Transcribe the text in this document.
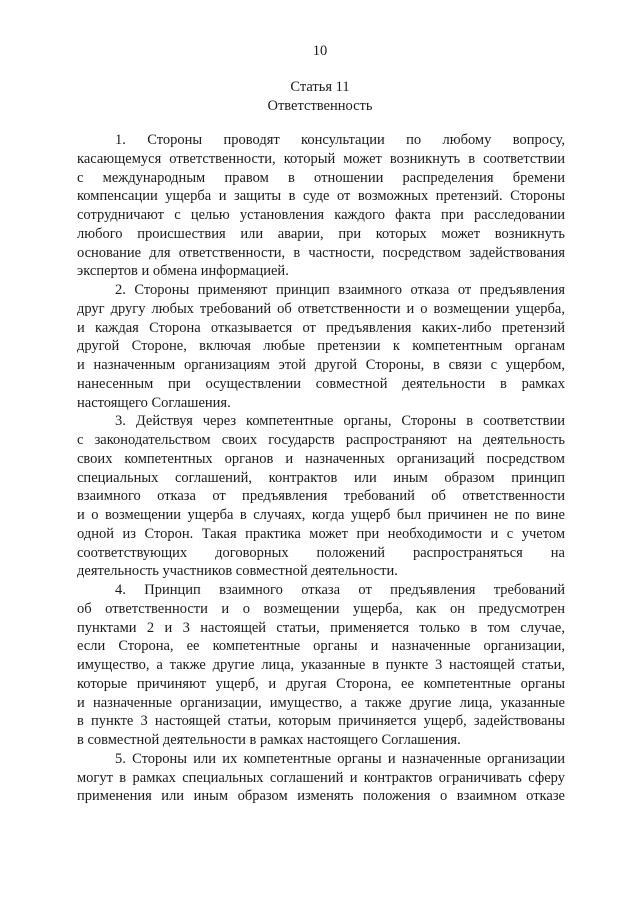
10
Статья 11
Ответственность
1. Стороны проводят консультации по любому вопросу,
касающемуся ответственности, который может возникнуть в соответствии
с международным правом в отношении распределения бремени
компенсации ущерба и защиты в суде от возможных претензий. Стороны
сотрудничают с целью установления каждого факта при расследовании
любого происшествия или аварии, при которых может возникнуть
основание для ответственности, в частности, посредством задействования
экспертов и обмена информацией.
2. Стороны применяют принцип взаимного отказа от предъявления
друг другу любых требований об ответственности и о возмещении ущерба,
и каждая Сторона отказывается от предъявления каких-либо претензий
другой Стороне, включая любые претензии к компетентным органам
и назначенным организациям этой другой Стороны, в связи с ущербом,
нанесенным при осуществлении совместной деятельности в рамках
настоящего Соглашения.
3. Действуя через компетентные органы, Стороны в соответствии
с законодательством своих государств распространяют на деятельность
своих компетентных органов и назначенных организаций посредством
специальных соглашений, контрактов или иным образом принцип
взаимного отказа от предъявления требований об ответственности
и о возмещении ущерба в случаях, когда ущерб был причинен не по вине
одной из Сторон. Такая практика может при необходимости и с учетом
соответствующих договорных положений распространяться на
деятельность участников совместной деятельности.
4. Принцип взаимного отказа от предъявления требований
об ответственности и о возмещении ущерба, как он предусмотрен
пунктами 2 и 3 настоящей статьи, применяется только в том случае,
если Сторона, ее компетентные органы и назначенные организации,
имущество, а также другие лица, указанные в пункте 3 настоящей статьи,
которые причиняют ущерб, и другая Сторона, ее компетентные органы
и назначенные организации, имущество, а также другие лица, указанные
в пункте 3 настоящей статьи, которым причиняется ущерб, задействованы
в совместной деятельности в рамках настоящего Соглашения.
5. Стороны или их компетентные органы и назначенные организации
могут в рамках специальных соглашений и контрактов ограничивать сферу
применения или иным образом изменять положения о взаимном отказе
